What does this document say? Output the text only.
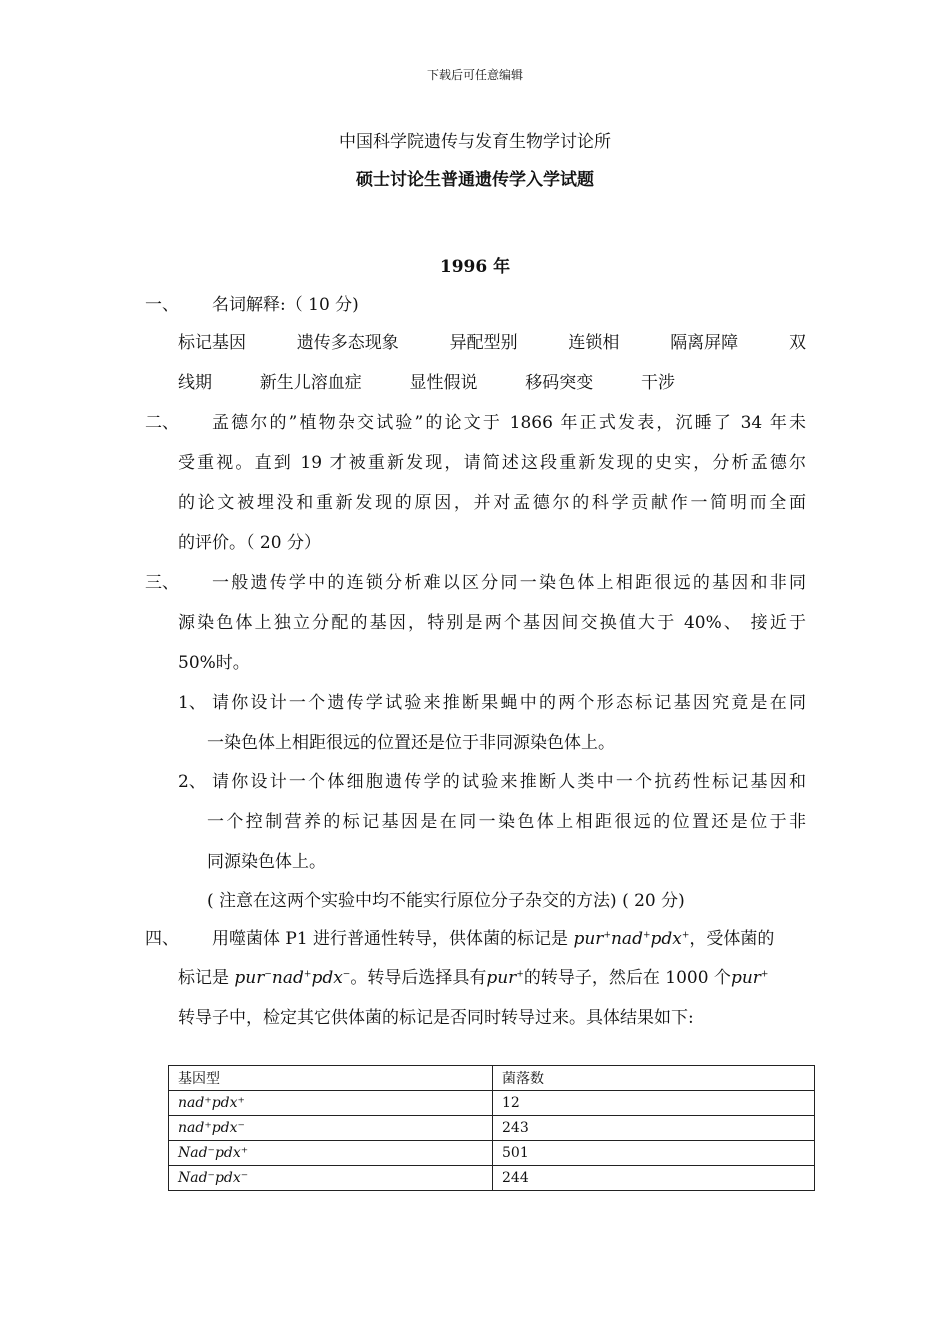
下载后可任意编辑
中国科学院遗传与发育生物学讨论所
硕士讨论生普通遗传学入学试题
1996 年
一、 名词解释:（ 10 分)
标记基因	遗传多态现象	异配型别	连锁相	隔离屏障	双
线期	新生儿溶血症	显性假说	移码突变	干涉
二、 孟德尔的”植物杂交试验”的论文于 1866 年正式发表，沉睡了 34 年未
受重视。直到 19 才被重新发现，请简述这段重新发现的史实，分析孟德尔
的论文被埋没和重新发现的原因，并对孟德尔的科学贡献作一简明而全面
的评价。（ 20 分）
三、 一般遗传学中的连锁分析难以区分同一染色体上相距很远的基因和非同
源染色体上独立分配的基因，特别是两个基因间交换值大于 40%、 接近于
50%时。
1、 请你设计一个遗传学试验来推断果蝇中的两个形态标记基因究竟是在同
一染色体上相距很远的位置还是位于非同源染色体上。
2、 请你设计一个体细胞遗传学的试验来推断人类中一个抗药性标记基因和
一个控制营养的标记基因是在同一染色体上相距很远的位置还是位于非
同源染色体上。
( 注意在这两个实验中均不能实行原位分子杂交的方法) ( 20 分)
四、 用噬菌体 P1 进行普通性转导，供体菌的标记是 pur+nad+pdx+，受体菌的
标记是 pur−nad+pdx−。转导后选择具有pur+的转导子，然后在 1000 个pur+
转导子中，检定其它供体菌的标记是否同时转导过来。具体结果如下:
基因型	菌落数
nad⁺pdx⁺	12
nad⁺pdx⁻	243
Nad⁻pdx⁺	501
Nad⁻pdx⁻	244
